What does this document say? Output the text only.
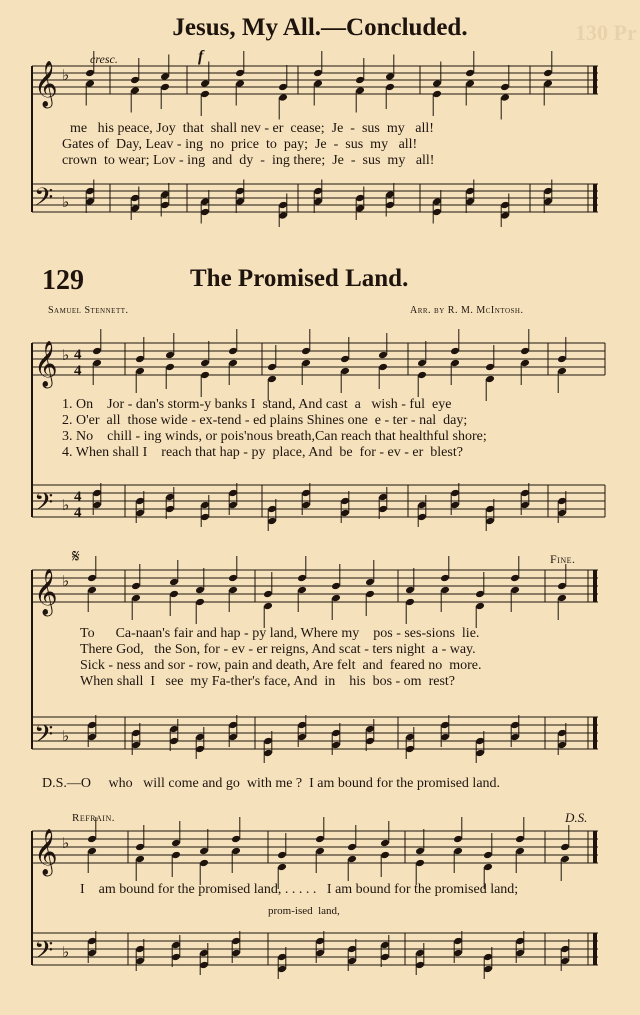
130 Pr
Jesus, My All.—Concluded.
𝄞
𝄢
𝄞
𝄢
𝄞
𝄢
𝄞
𝄢
♭
♭
♭
♭
♭
♭
♭
♭
4
4
4
4
cresc.	f
me   his peace, Joy  that  shall nev - er  cease;  Je  -  sus  my   all!
Gates of  Day, Leav - ing  no  price  to  pay;  Je  -  sus  my   all!
crown  to wear; Lov - ing  and  dy  -  ing there;  Je  -  sus  my   all!
129	The Promised Land.
Samuel Stennett.	Arr. by R. M. McIntosh.
1. On    Jor - dan's storm-y banks I  stand, And cast  a   wish - ful  eye
2. O'er  all  those wide - ex-tend - ed plains Shines one  e - ter - nal  day;
3. No    chill - ing winds, or pois'nous breath,Can reach that healthful shore;
4. When shall I    reach that hap - py  place, And  be  for - ev - er  blest?
𝄋	Fine.
To      Ca-naan's fair and hap - py land, Where my    pos - ses-sions  lie.
There God,   the Son, for - ev - er reigns, And scat - ters night  a - way.
Sick - ness and sor - row, pain and death, Are felt  and  feared no  more.
When shall  I   see  my Fa-ther's face, And  in    his  bos - om  rest?
D.S.—O     who   will come and go  with me ?  I am bound for the promised land.
Refrain.	D.S.
I    am bound for the promised land, . . . . .   I am bound for the promised land;
prom-ised  land,
